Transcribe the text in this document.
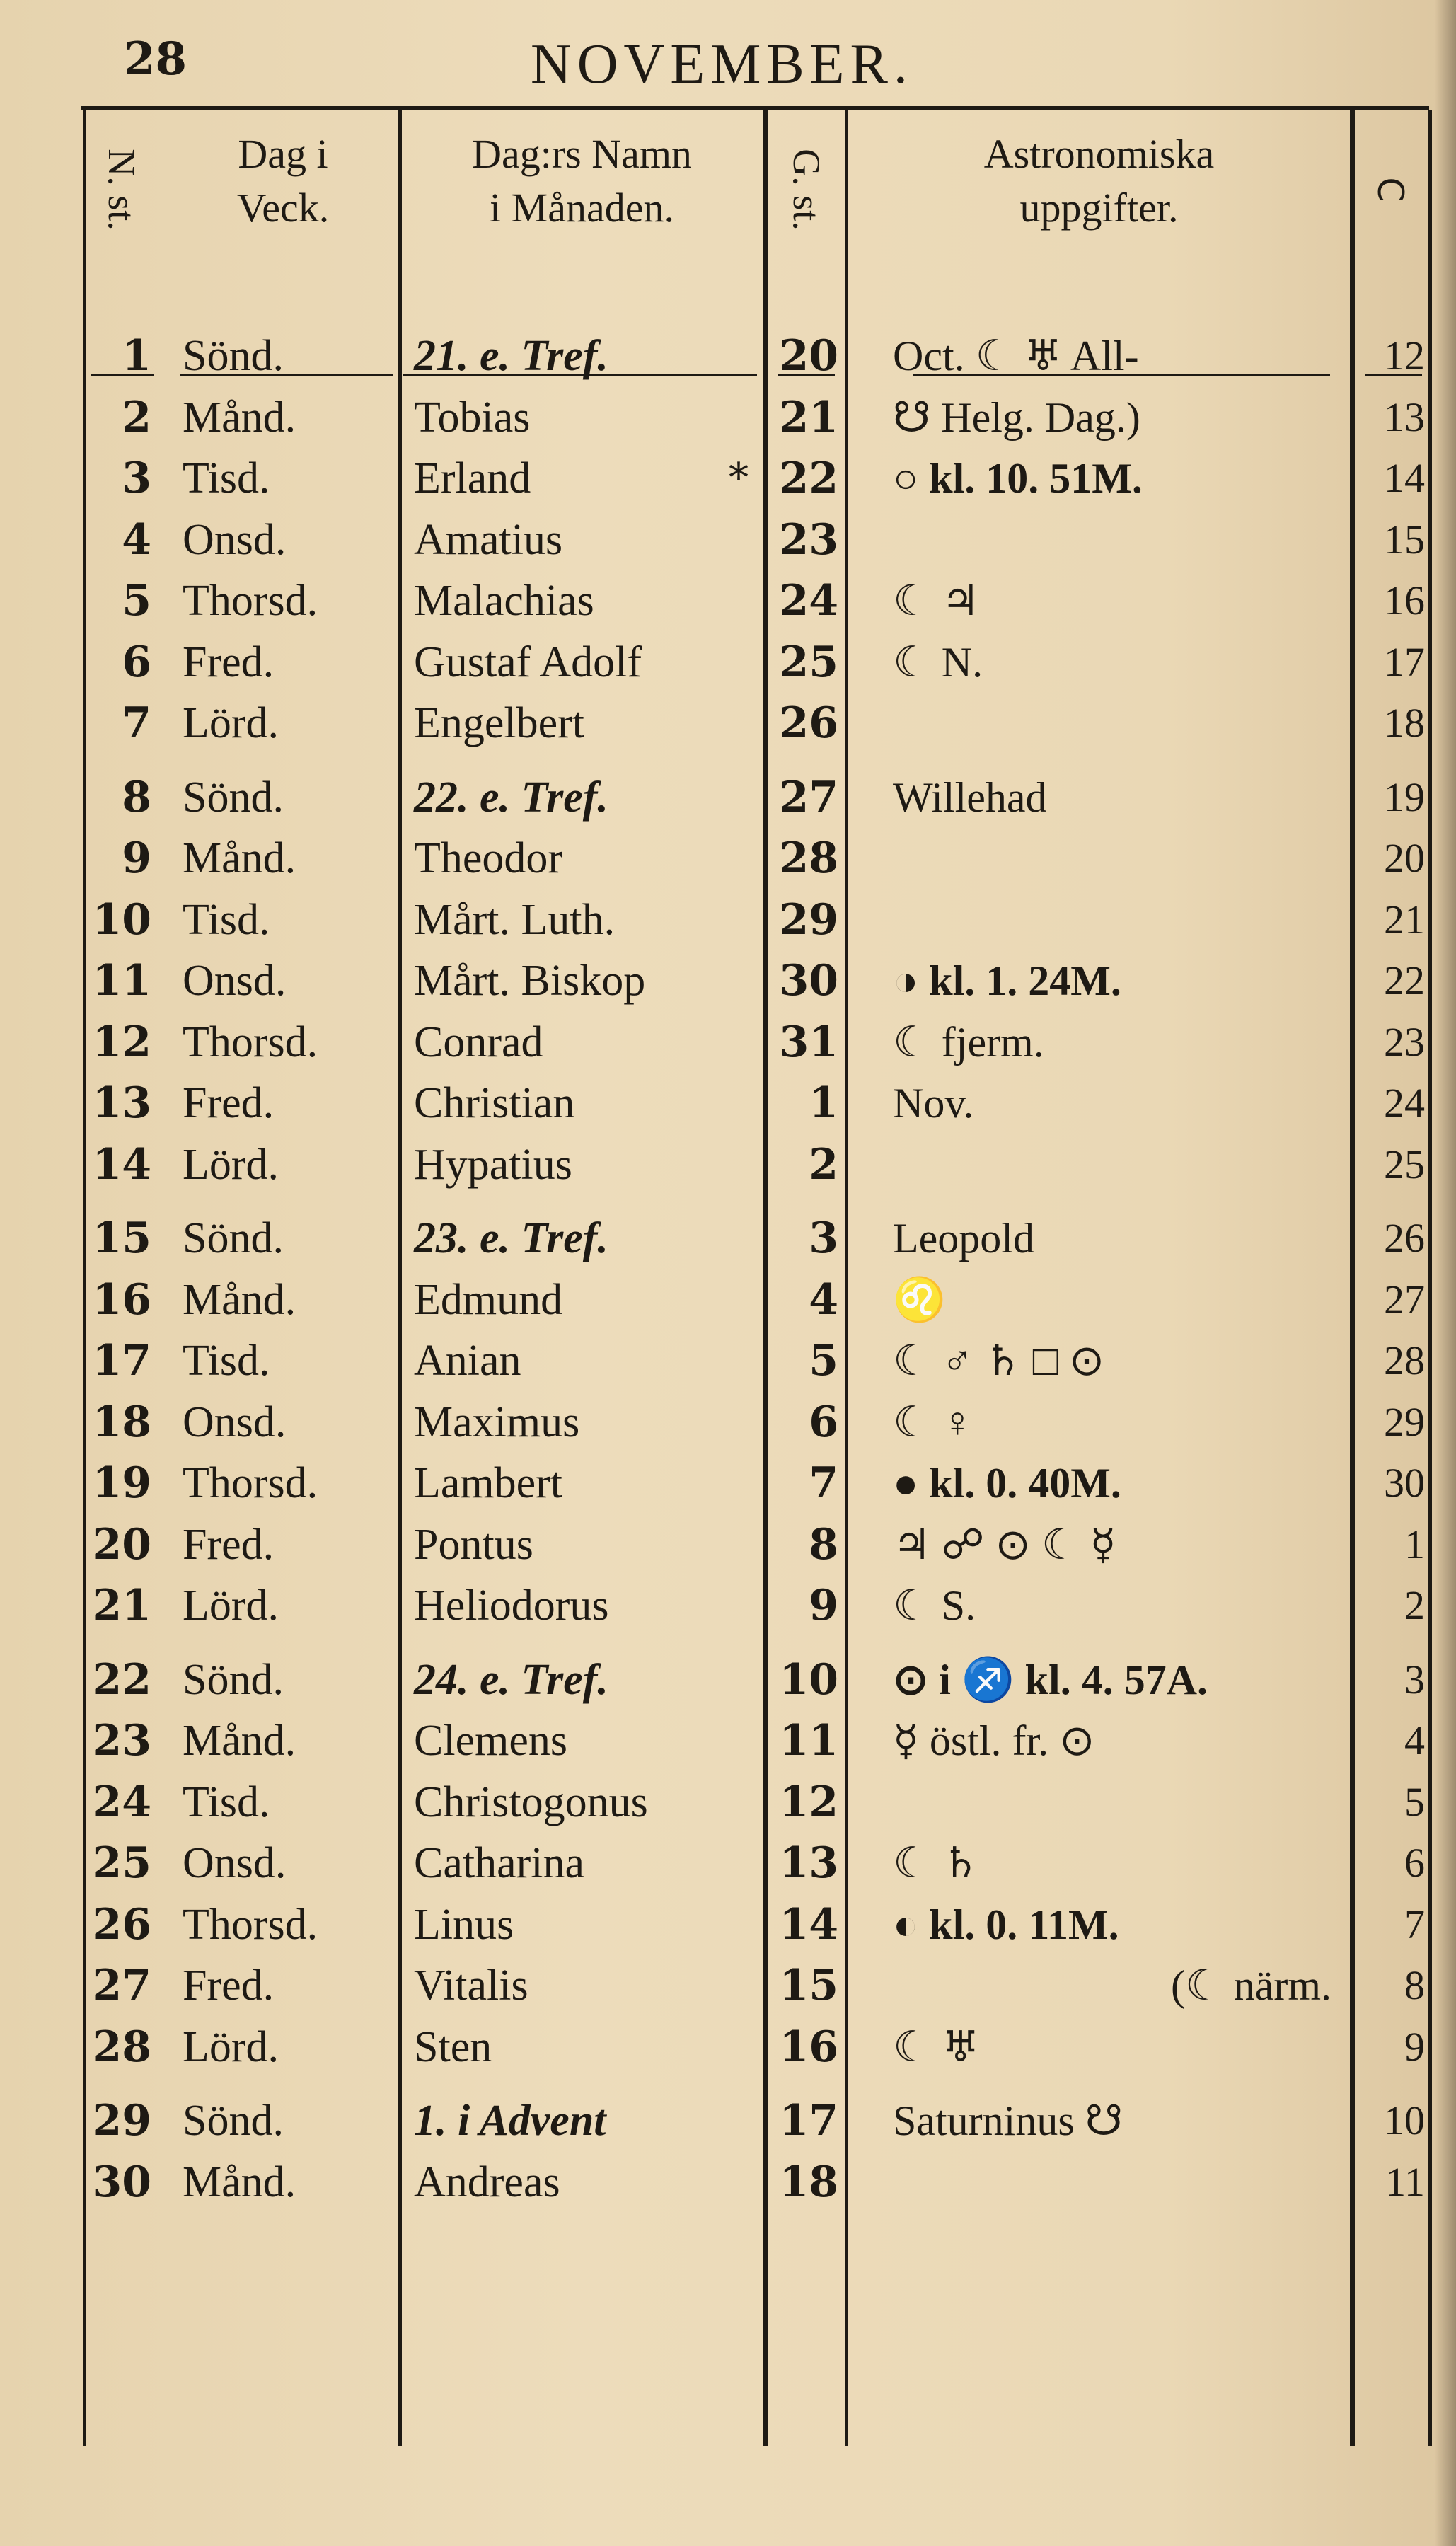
28	NOVEMBER.
N. st.	Dag i
Veck.
Dag:rs Namn
i Månaden.	G. st.	Astronomiska
uppgifter.	Ⅽ
1 Sönd.	21. e. Tref.	20 Oct. ☾ ♅ All-	12
2 Månd.	Tobias	21 ☋ Helg. Dag.)	13
3 Tisd.	Erland	22 ○ kl. 10. 51M.	14
*
4 Onsd.	Amatius	23	15
5 Thorsd.	Malachias	24 ☾ ♃	16
6 Fred.	Gustaf Adolf	25 ☾ N.	17
7 Lörd.	Engelbert	26	18
8 Sönd.	22. e. Tref.	27 Willehad	19
9 Månd.	Theodor	28	20
10 Tisd.	Mårt. Luth.	29	21
11 Onsd.	Mårt. Biskop	30 ◑ kl. 1. 24M.	22
12 Thorsd.	Conrad	31 ☾ fjerm.	23
13 Fred.	Christian	1 Nov.	24
14 Lörd.	Hypatius	2	25
15 Sönd.	23. e. Tref.	3 Leopold	26
16 Månd.	Edmund	4 ♌	27
17 Tisd.	Anian	5 ☾ ♂ ♄ □ ⊙	28
18 Onsd.	Maximus	6 ☾ ♀	29
19 Thorsd.	Lambert	7 ● kl. 0. 40M.	30
20 Fred.	Pontus	8 ♃ ☍ ⊙ ☾ ☿	1
21 Lörd.	Heliodorus	9 ☾ S.	2
22 Sönd.	24. e. Tref.	10 ⊙ i ♐ kl. 4. 57A.	3
23 Månd.	Clemens	11 ☿ östl. fr. ⊙	4
24 Tisd.	Christogonus	12	5
25 Onsd.	Catharina	13 ☾ ♄	6
26 Thorsd.	Linus	14 ◐ kl. 0. 11M.	7
27 Fred.	Vitalis	15	(☾ närm.	8
28 Lörd.	Sten	16 ☾ ♅	9
29 Sönd.	1. i Advent	17 Saturninus ☋	10
30 Månd.	Andreas	18	11
